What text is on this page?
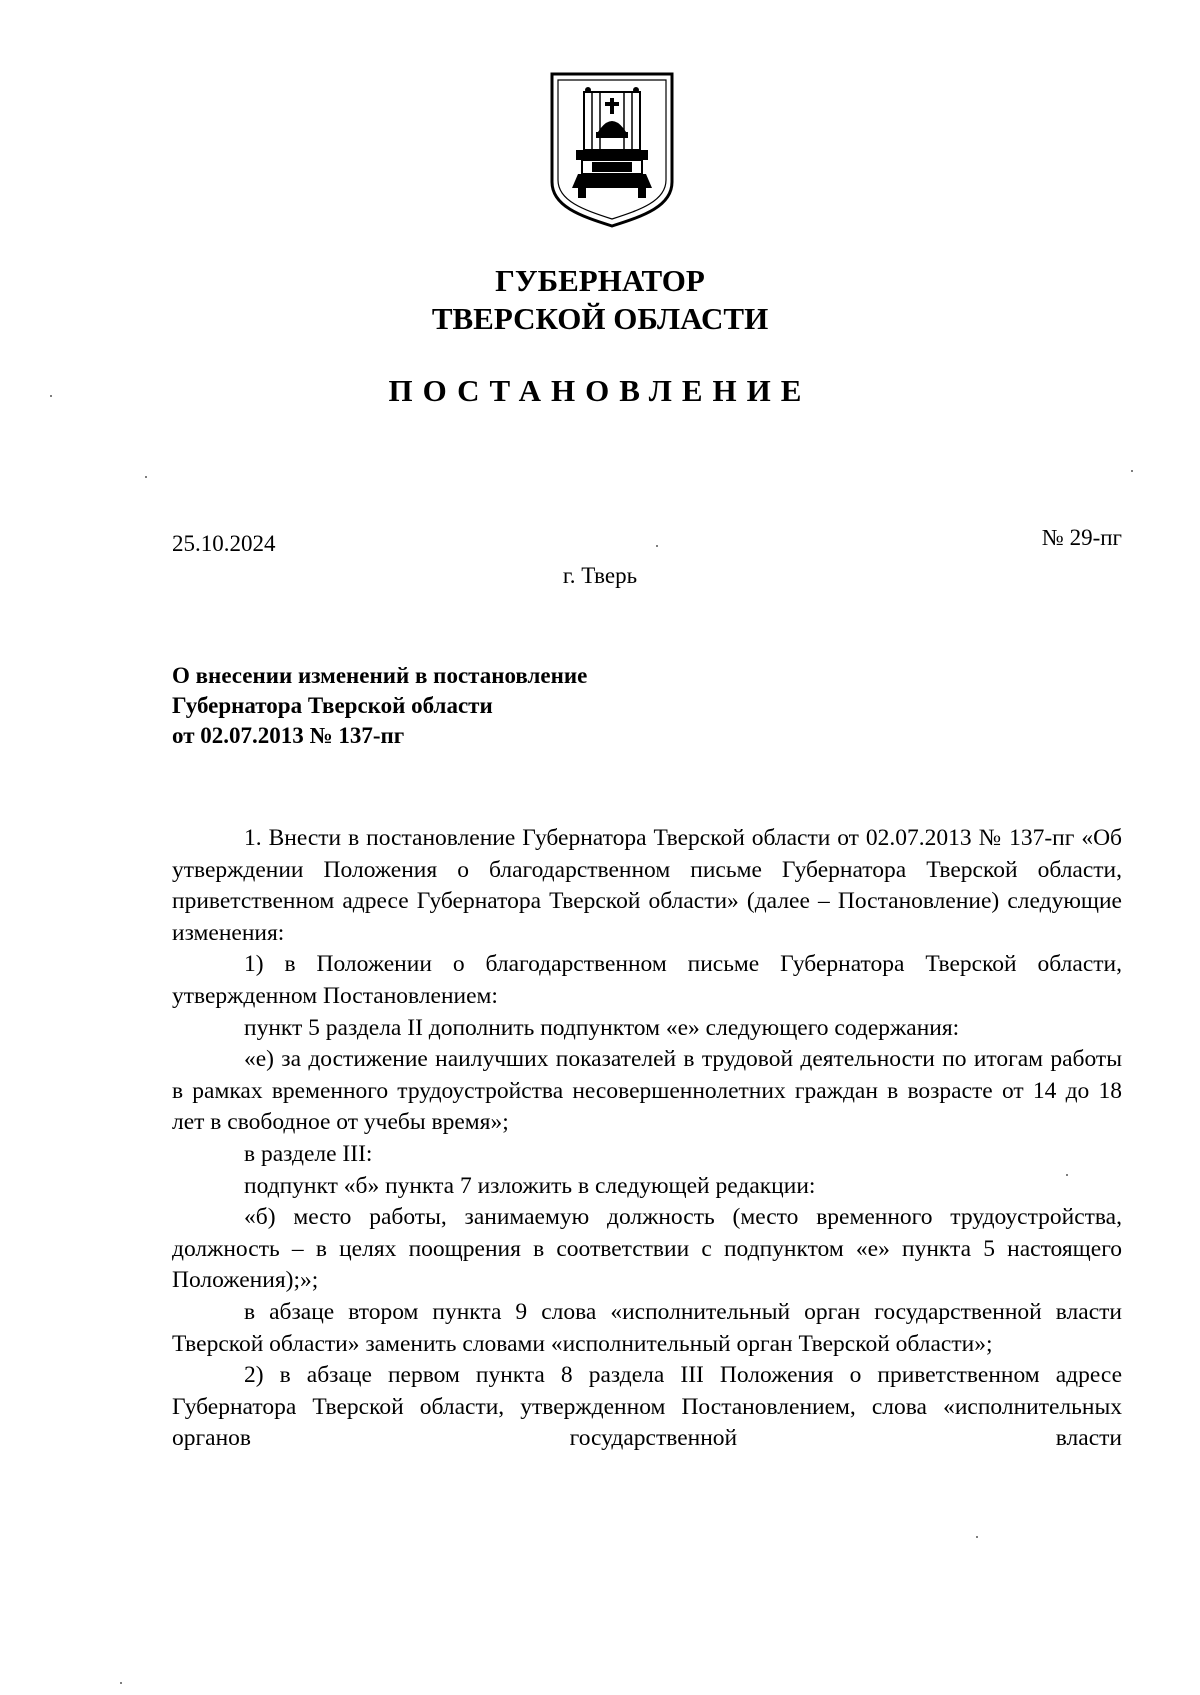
ГУБЕРНАТОР
ТВЕРСКОЙ ОБЛАСТИ
ПОСТАНОВЛЕНИЕ
25.10.2024	№ 29-пг
г. Тверь
О внесении изменений в постановление
Губернатора Тверской области
от 02.07.2013 № 137-пг

1. Внести в постановление Губернатора Тверской области от 02.07.2013 № 137-пг «Об утверждении Положения о благодарственном письме Губернатора Тверской области, приветственном адресе Губернатора Тверской области» (далее – Постановление) следующие изменения:

1) в Положении о благодарственном письме Губернатора Тверской области, утвержденном Постановлением:

пункт 5 раздела II дополнить подпунктом «е» следующего содержания:

«е) за достижение наилучших показателей в трудовой деятельности по итогам работы в рамках временного трудоустройства несовершеннолетних граждан в возрасте от 14 до 18 лет в свободное от учебы время»;

в разделе III:

подпункт «б» пункта 7 изложить в следующей редакции:

«б) место работы, занимаемую должность (место временного трудоустройства, должность – в целях поощрения в соответствии с подпунктом «е» пункта 5 настоящего Положения);»;

в абзаце втором пункта 9 слова «исполнительный орган государственной власти Тверской области» заменить словами «исполнительный орган Тверской области»;

2) в абзаце первом пункта 8 раздела III Положения о приветственном адресе Губернатора Тверской области, утвержденном Постановлением, слова «исполнительных органов государственной власти
